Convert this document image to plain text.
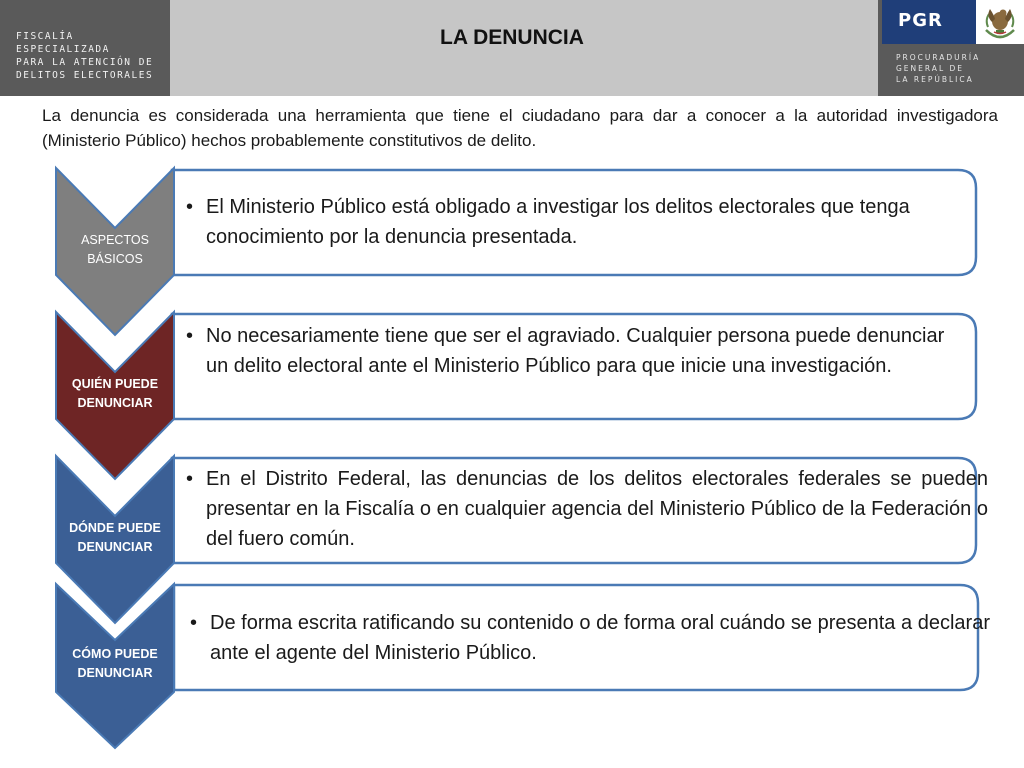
FISCALÍA ESPECIALIZADA
PARA LA ATENCIÓN DE
DELITOS ELECTORALES

LA DENUNCIA
PGR

PROCURADURÍA
GENERAL DE
LA REPÚBLICA

La denuncia es considerada una herramienta que tiene el ciudadano para dar a conocer a la autoridad investigadora (Ministerio Público) hechos probablemente constitutivos de delito.

ASPECTOS
BÁSICOS

QUIÉN PUEDE
DENUNCIAR

DÓNDE PUEDE
DENUNCIAR

CÓMO PUEDE
DENUNCIAR

• El Ministerio Público está obligado a investigar los delitos electorales que tenga conocimiento por la denuncia presentada.

• No necesariamente tiene que ser el agraviado. Cualquier persona puede denunciar un delito electoral ante el Ministerio Público para que inicie una investigación.

• En el Distrito Federal, las denuncias de los delitos electorales federales se pueden presentar en la Fiscalía o en cualquier agencia del Ministerio Público de la Federación o del fuero común.

• De forma escrita ratificando su contenido o de forma oral cuándo se presenta a declarar ante el agente del Ministerio Público.
